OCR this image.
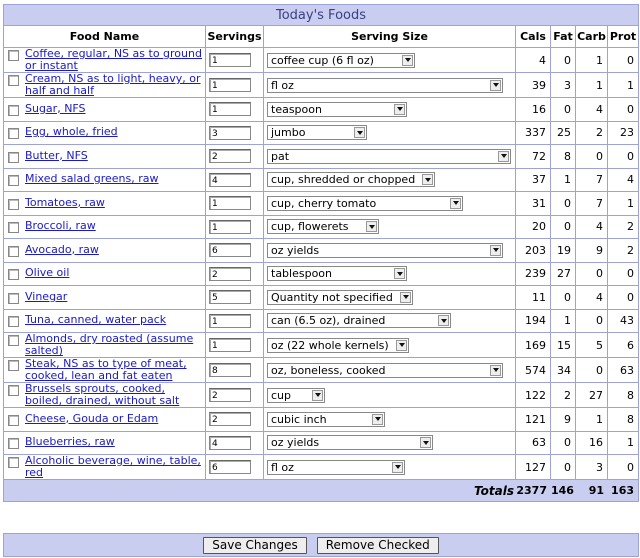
Today's Foods						
Food Name	Servings	Serving Size	Cals	Fat	Carb	Prot

Coffee, regular, NS as to ground or instant	1	coffee cup (6 fl oz)	4	0	1	0

Cream, NS as to light, heavy, or half and half	1	fl oz	39	3	1	1

Sugar, NFS	1	teaspoon	16	0	4	0

Egg, whole, fried	3	jumbo	337	25	2	23

Butter, NFS	2	pat	72	8	0	0

Mixed salad greens, raw	4	cup, shredded or chopped	37	1	7	4

Tomatoes, raw	1	cup, cherry tomato	31	0	7	1

Broccoli, raw	1	cup, flowerets	20	0	4	2

Avocado, raw	6	oz yields	203	19	9	2

Olive oil	2	tablespoon	239	27	0	0

Vinegar	5	Quantity not specified	11	0	4	0

Tuna, canned, water pack	1	can (6.5 oz), drained	194	1	0	43

Almonds, dry roasted (assume salted)	1	oz (22 whole kernels)	169	15	5	6

Steak, NS as to type of meat, cooked, lean and fat eaten	8	oz, boneless, cooked	574	34	0	63

Brussels sprouts, cooked, boiled, drained, without salt	2	cup	122	2	27	8

Cheese, Gouda or Edam	2	cubic inch	121	9	1	8

Blueberries, raw	4	oz yields	63	0	16	1

Alcoholic beverage, wine, table, red	6	fl oz	127	0	3	0
Totals			2377	146	91	163
Save Changes	Remove Checked
